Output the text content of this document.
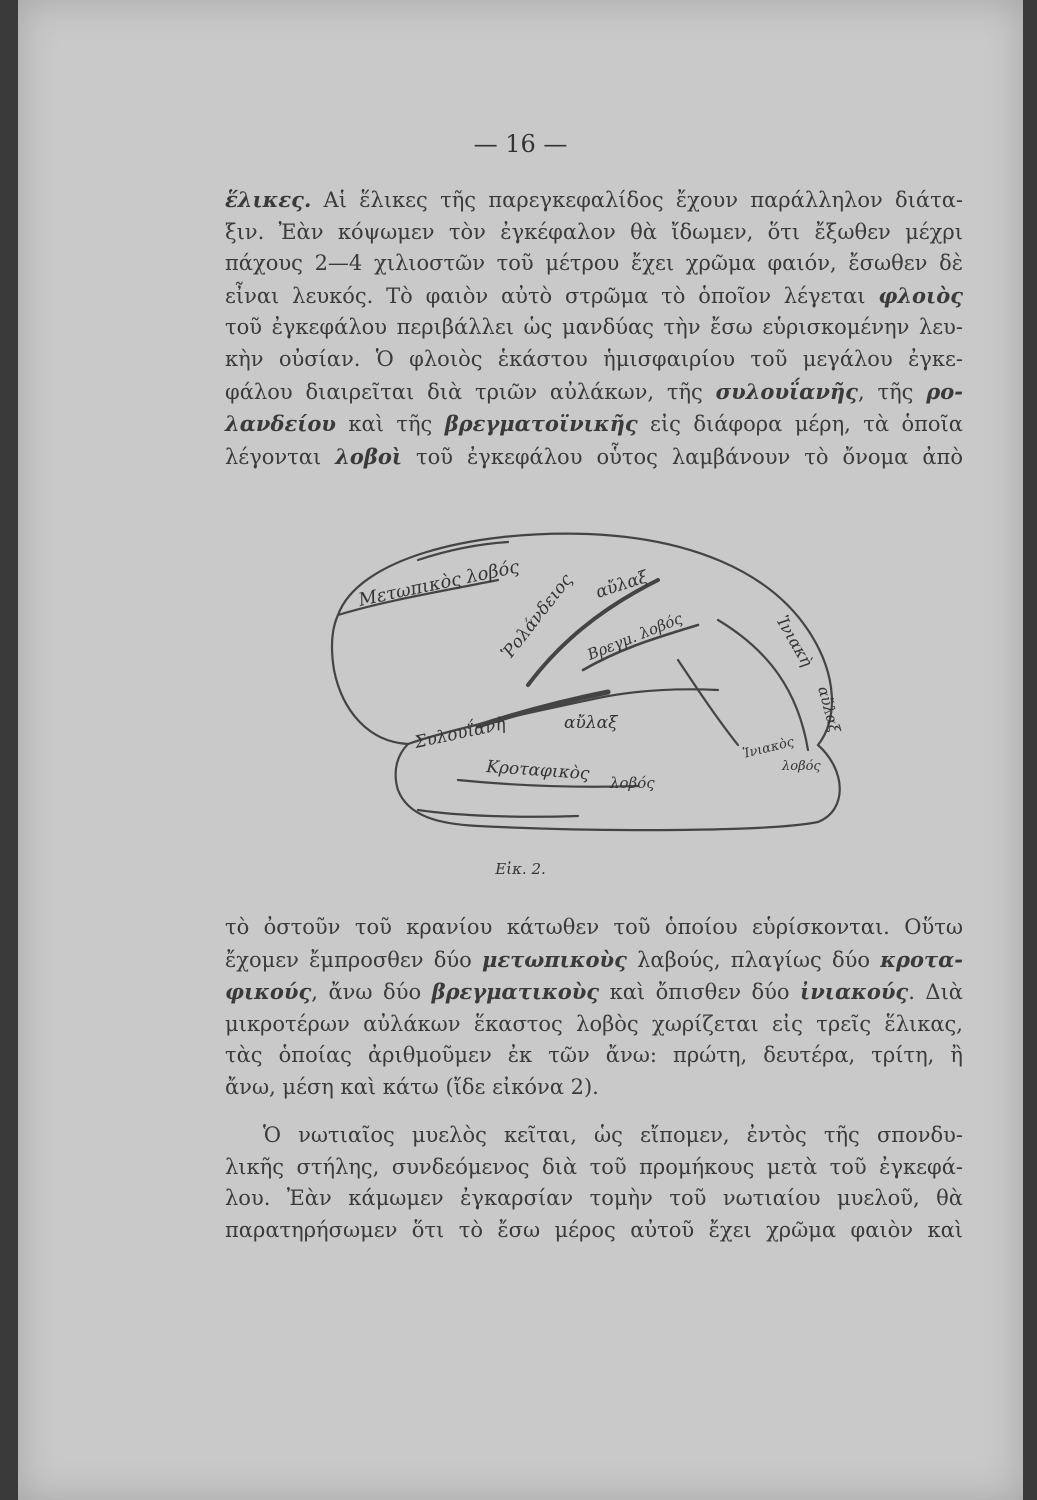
— 16 —
ἕλικες. Αἱ ἕλικες τῆς παρεγκεφαλίδος ἔχουν παράλληλον διάτα-
ξιν. Ἐὰν κόψωμεν τὸν ἐγκέφαλον θὰ ἴδωμεν, ὅτι ἔξωθεν μέχρι
πάχους 2—4 χιλιοστῶν τοῦ μέτρου ἔχει χρῶμα φαιόν, ἔσωθεν δὲ
εἶναι λευκός. Τὸ φαιὸν αὐτὸ στρῶμα τὸ ὁποῖον λέγεται φλοιὸς
τοῦ ἐγκεφάλου περιβάλλει ὡς μανδύας τὴν ἔσω εὑρισκομένην λευ-
κὴν οὐσίαν. Ὁ φλοιὸς ἑκάστου ἡμισφαιρίου τοῦ μεγάλου ἐγκε-
φάλου διαιρεῖται διὰ τριῶν αὐλάκων, τῆς συλουΐανῆς, τῆς ρο-
λανδείου καὶ τῆς βρεγματοϊνικῆς εἰς διάφορα μέρη, τὰ ὁποῖα
λέγονται λοβοὶ τοῦ ἐγκεφάλου οὗτος λαμβάνουν τὸ ὄνομα ἀπὸ
Μετωπικὸς λοβός
Ῥολάνδειος αὔλαξ
Βρεγμ. λοβός	Ἰνιακὴ
αὔλαξ
Συλουΐανὴ	αὔλαξ
Κροταφικὸς λοβός
Ἰνιακὸς
λοβός
Εἰκ. 2.
τὸ ὀστοῦν τοῦ κρανίου κάτωθεν τοῦ ὁποίου εὑρίσκονται. Οὕτω
ἔχομεν ἔμπροσθεν δύο μετωπικοὺς λαβούς, πλαγίως δύο κροτα-
φικούς, ἄνω δύο βρεγματικοὺς καὶ ὄπισθεν δύο ἰνιακούς. Διὰ
μικροτέρων αὐλάκων ἕκαστος λοβὸς χωρίζεται εἰς τρεῖς ἕλικας,
τὰς ὁποίας ἀριθμοῦμεν ἐκ τῶν ἄνω: πρώτη, δευτέρα, τρίτη, ἢ
ἄνω, μέση καὶ κάτω (ἴδε εἰκόνα 2).
Ὁ νωτιαῖος μυελὸς κεῖται, ὡς εἴπομεν, ἐντὸς τῆς σπονδυ-
λικῆς στήλης, συνδεόμενος διὰ τοῦ προμήκους μετὰ τοῦ ἐγκεφά-
λου. Ἐὰν κάμωμεν ἐγκαρσίαν τομὴν τοῦ νωτιαίου μυελοῦ, θὰ
παρατηρήσωμεν ὅτι τὸ ἔσω μέρος αὐτοῦ ἔχει χρῶμα φαιὸν καὶ
